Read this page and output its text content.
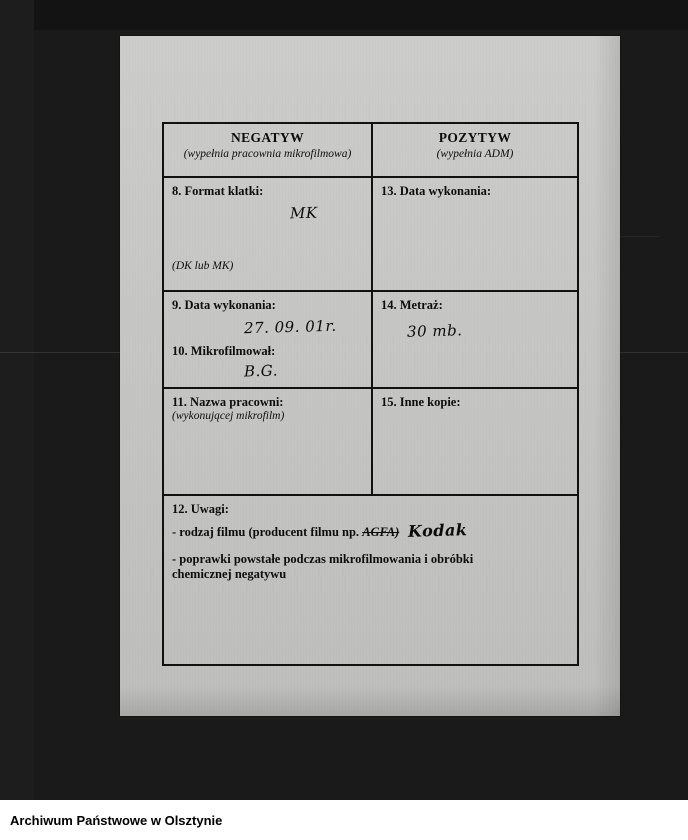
NEGATYW
(wypełnia pracownia mikrofilmowa)
POZYTYW
(wypełnia ADM)
8. Format klatki:
MK
(DK lub MK)
13. Data wykonania:
9. Data wykonania:
27. 09. 01r.
10. Mikrofilmował:
B.G.
14. Metraż:
30 mb.
11. Nazwa pracowni:
(wykonującej mikrofilm)
15. Inne kopie:
12. Uwagi:
- rodzaj filmu (producent filmu np. AGFA) Kodak
- poprawki powstałe podczas mikrofilmowania i obróbki
chemicznej negatywu
Archiwum Państwowe w Olsztynie
